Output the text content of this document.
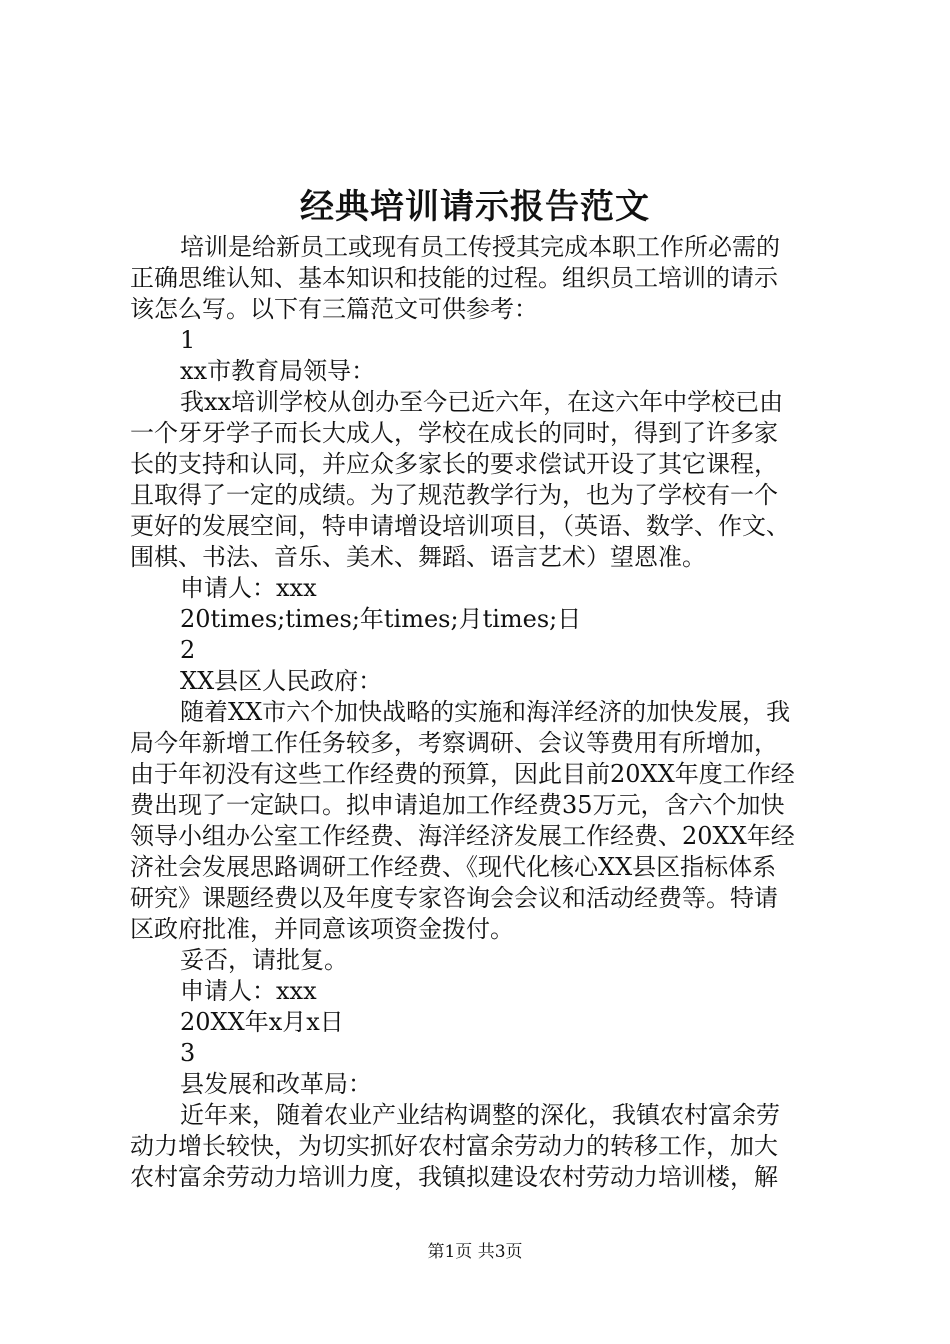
经典培训请示报告范文
培训是给新员工或现有员工传授其完成本职工作所必需的
正确思维认知、基本知识和技能的过程。组织员工培训的请示
该怎么写。以下有三篇范文可供参考：
1
xx市教育局领导：
我xx培训学校从创办至今已近六年，在这六年中学校已由
一个牙牙学子而长大成人，学校在成长的同时，得到了许多家
长的支持和认同，并应众多家长的要求偿试开设了其它课程，
且取得了一定的成绩。为了规范教学行为，也为了学校有一个
更好的发展空间，特申请增设培训项目，（英语、数学、作文、
围棋、书法、音乐、美术、舞蹈、语言艺术）望恩准。
申请人：xxx
20times;times;年times;月times;日
2
XX县区人民政府：
随着XX市六个加快战略的实施和海洋经济的加快发展，我
局今年新增工作任务较多，考察调研、会议等费用有所增加，
由于年初没有这些工作经费的预算，因此目前20XX年度工作经
费出现了一定缺口。拟申请追加工作经费35万元，含六个加快
领导小组办公室工作经费、海洋经济发展工作经费、20XX年经
济社会发展思路调研工作经费、《现代化核心XX县区指标体系
研究》课题经费以及年度专家咨询会会议和活动经费等。特请
区政府批准，并同意该项资金拨付。
妥否，请批复。
申请人：xxx
20XX年x月x日
3
县发展和改革局：
近年来，随着农业产业结构调整的深化，我镇农村富余劳
动力增长较快，为切实抓好农村富余劳动力的转移工作，加大
农村富余劳动力培训力度，我镇拟建设农村劳动力培训楼，解
第1页 共3页
